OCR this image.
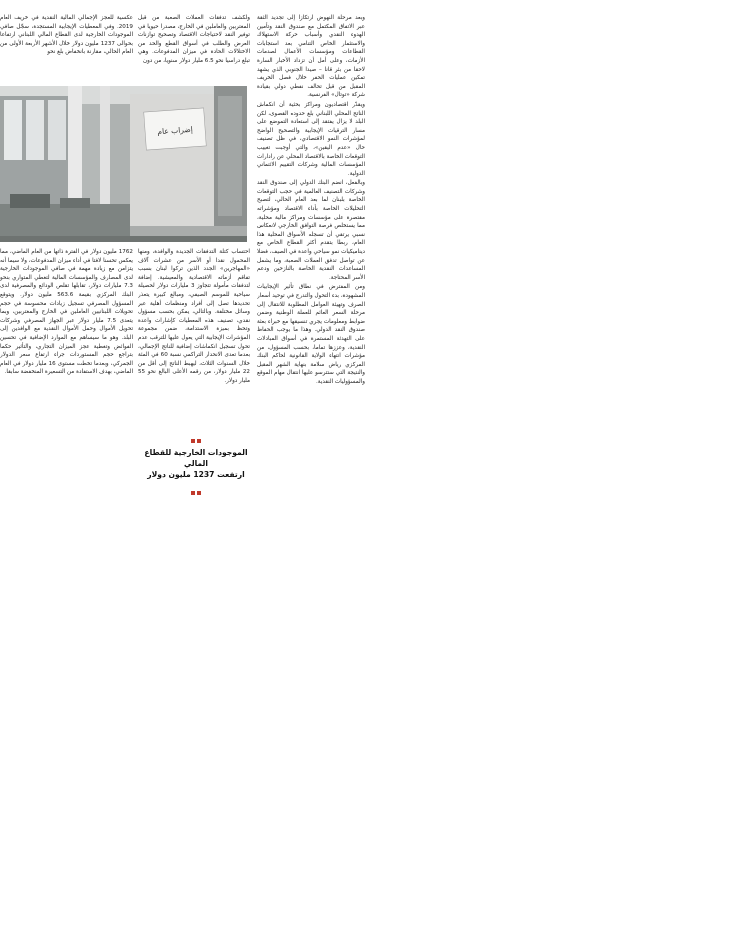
وبعد مرحلة النهوض ارتكازا إلى تجديد الثقة عبر الاتفاق المكتمل مع صندوق النقد وتأمين الهدوء النقدي وأسباب حركة الاستهلاك والاستثمار الخاص التنامي بعد استجابات القطاعات ومؤسسات الأعمال لصدمات الأزمات، وعلى أمل أن تزداد الأخبار السارة لاحقا من بئر قانا – صيدا الجنوبي الذي يشهد تمكين عمليات الحفر خلال فصل الخريف المقبل من قبل تحالف نفطي دولي بقيادة شركة «توتال» الفرنسية.

ويقدّر اقتصاديون ومراكز بحثية أن انكماش الناتج المحلي اللبناني بلغ حدوده القصوى، لكن البلد لا يزال يفتقد إلى استعادة التموضع على مسار الترقيات الإيجابية والتصحيح الواضح لمؤشرات النمو الاقتصادي، في ظل تصنيف حال «عدم اليقين»، والتي أوجبت تغييب التوقعات الخاصة بالاقتصاد المحلي عن رادارات المؤسسات المالية وشركات التقييم الائتماني الدولية.

وبالفعل، انضم البنك الدولي إلى صندوق النقد وشركات التصنيف العالمية في حجب التوقعات الخاصة بلبنان لما بعد العام الحالي، لتصبح التحليلات الخاصة بأداء الاقتصاد ومؤشراته مقتصرة على مؤسسات ومراكز مالية محلية، مما يستخلص فرصة التوافق الخارجي لانعكاس نسبي يرتقي أن تسجله الأسواق المحلية هذا العام، ربطا بتقدم أكثر القطاع الخاص مع ديناميكيات نمو سياحي واعدة في الصيف، فضلا عن تواصل تدفق العملات الصعبة، وما يشمل المساعدات النقدية الخاصة بالنازحين ودعم الأسر المحتاجة.

ومن المفترض في نطاق تأثير الإيجابيات المشهودة، بدء التحول والتدرج في توحيد أسعار الصرف وتهيئة العوامل المطلوبة للانتقال إلى مرحلة السعر العائم للعملة الوطنية وضمن ضوابط ومعلومات يجري تنسيقها مع خبراء بعثة صندوق النقد الدولي. وهذا ما يوجب الحفاظ على التهدئة المستمرة في أسواق المبادلات النقدية، وعززها تماما، بحسب المسؤول، من مؤشرات انتهاء الولاية القانونية لحاكم البنك المركزي رياض سلامة بنهاية الشهر المقبل والنتيجة التي ستترسو عليها انتقال مهام الموقع والمسؤوليات النقدية.

ولكشف تدفقات العملات الصعبة من قبل المغتربين والعاملين في الخارج، مصدرا حيويا في توفير النقد لاحتياجات الاقتصاد وتصحيح توازنات العرض والطلب في أسواق القطع والحد من الاختلالات الحادة في ميزان المدفوعات. وهي تبلغ دراسيا نحو 6.5 مليار دولار سنويا، من دون

عكسية للعجز الإجمالي المالية النقدية في خريف العام 2019. وفي المعطيات الإيجابية المستجدة، سجّل صافي الموجودات الخارجية لدى القطاع المالي اللبناني ارتفاعا بحوالى 1237 مليون دولار خلال الأشهر الأربعة الأولى من العام الحالي، مقارنة بانخفاض بلغ نحو

إضراب عام

احتساب كتلة التدفقات الجديدة والوافدة، ومنها المحمول نقدا أو الأسر من عشرات آلاف «المهاجرين» الجدد الذين تركوا لبنان بسبب تفاقم أزماته الاقتصادية والمعيشية. إضافة لتدفقات مأمولة تتجاوز 3 مليارات دولار لحصيلة سياحية للموسم الصيفي، ومبالغ كبيرة يتعذر تحديدها تصل إلى أفراد ومنظمات أهلية عبر وسائل مختلفة. وبالتالي، يمكن بحسب مسؤول نقدي، تصنيف هذه المعطيات كإشارات واعدة وتحظ بميزة الاستدامة، ضمن مجموعة المؤشرات الإيجابية التي يعول عليها للترقب عدم تحول تسجيل انكماشات إضافية للناتج الإجمالي، بعدما تعدى الانحدار التراكمي نسبة 60 في المئة خلال السنوات الثلاث، ليهبط الناتج إلى أقل من 22 مليار دولار، من رقمه الأعلى البالغ نحو 55 مليار دولار.

1762 مليون دولار في الفترة ذاتها من العام الماضي، مما يعكس تحسنا لافتا في أداء ميزان المدفوعات، ولا سيما أنه يتزامن مع زيادة مهمة في صافي الموجودات الخارجية لدى المصارف والمؤسسات المالية لتغطي المتواري بنحو 7.3 مليارات دولار، تقابلها تقلص الودائع والمصرفية لدى البنك المركزي بقيمة 563.6 مليون دولار. ويتوقع المسؤول المصرفي تسجيل زيادات محسوسة في حجم تحويلات اللبنانيين العاملين في الخارج والمغتربين، وبما يتعدى 7.5 مليار دولار عبر الجهاز المصرفي وشركات تحويل الأموال وحمل الأموال النقدية مع الوافدين إلى البلد. وهو ما سيساهم مع الموارد الإضافية في تحسين الفوائض وتغطية عجز الميزان التجاري، والتأثير حكما بتراجع حجم المستوردات جراء ارتفاع سعر الدولار الجمركي، وبعدما تخطت مستوى 16 مليار دولار في العام الماضي، بهدف الاستفادة من التسعيرة المنخفضة سابقا.

الموجودات الخارجية للقطاع المالي
ارتفعت 1237 مليون دولار
